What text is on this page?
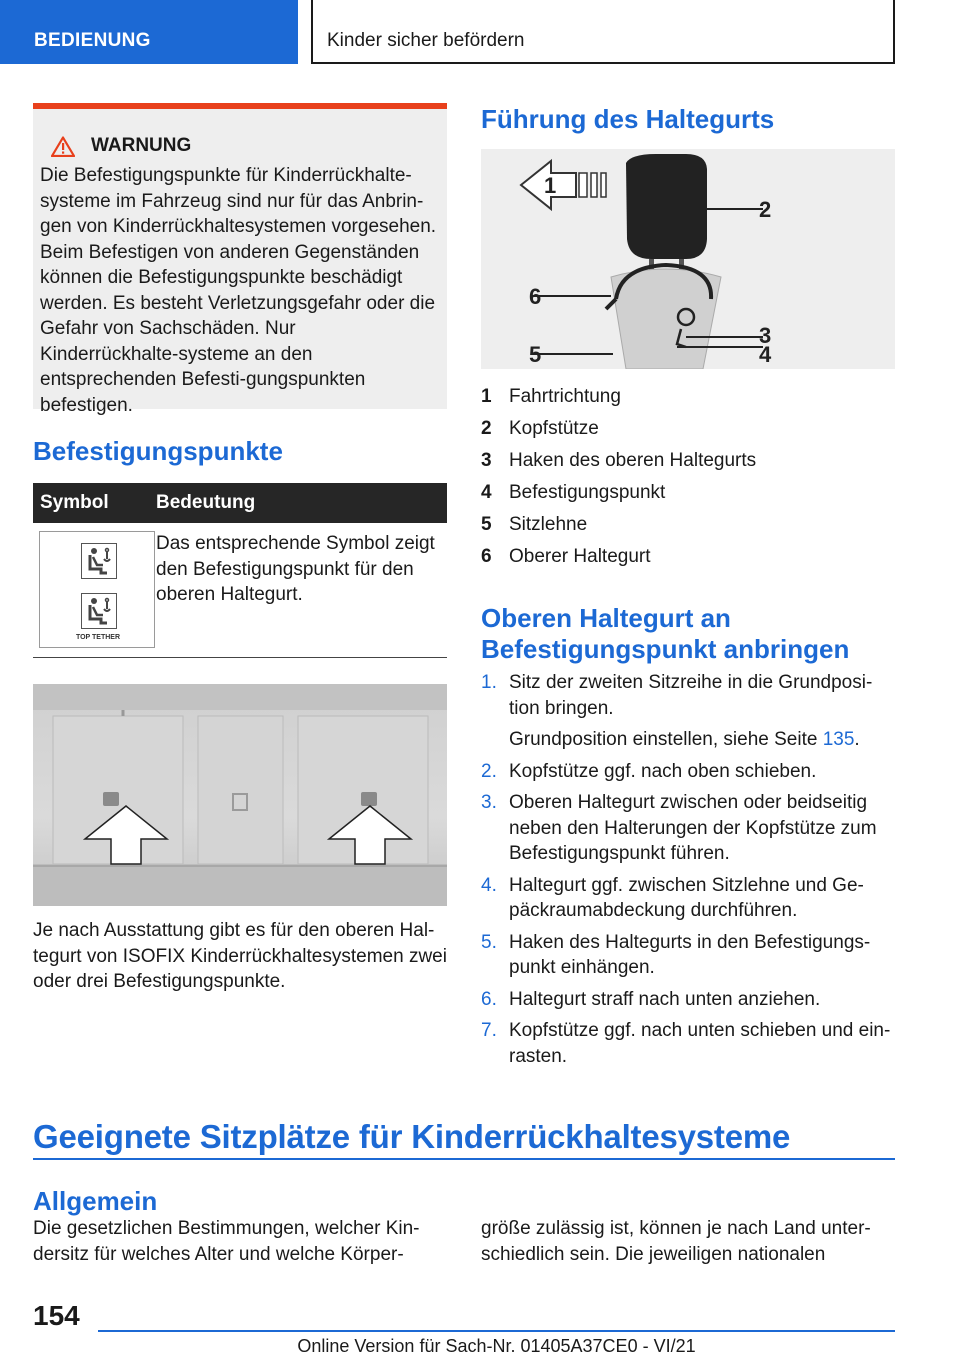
BEDIENUNG	Kinder sicher befördern
WARNUNG

Die Befestigungspunkte für Kinderrückhalte-systeme im Fahrzeug sind nur für das Anbrin-gen von Kinderrückhaltesystemen vorgesehen. Beim Befestigen von anderen Gegenständen können die Befestigungspunkte beschädigt werden. Es besteht Verletzungsgefahr oder die Gefahr von Sachschäden. Nur Kinderrückhalte-systeme an den entsprechenden Befesti-gungspunkten befestigen.

Befestigungspunkte
Symbol	Bedeutung
TOP TETHER
Das entsprechende Symbol zeigt den Befestigungspunkt für den oberen Haltegurt.

Je nach Ausstattung gibt es für den oberen Hal-tegurt von ISOFIX Kinderrückhaltesystemen zwei oder drei Befestigungspunkte.

Führung des Haltegurts
1
2
3
4
5
6
1 Fahrtrichtung
2 Kopfstütze
3 Haken des oberen Haltegurts
4 Befestigungspunkt
5 Sitzlehne
6 Oberer Haltegurt
Oberen Haltegurt an
Befestigungspunkt anbringen
1. Sitz der zweiten Sitzreihe in die Grundposi-tion bringen.
Grundposition einstellen, siehe Seite 135.
2. Kopfstütze ggf. nach oben schieben.
3. Oberen Haltegurt zwischen oder beidseitig neben den Halterungen der Kopfstütze zum Befestigungspunkt führen.
4. Haltegurt ggf. zwischen Sitzlehne und Ge-päckraumabdeckung durchführen.
5. Haken des Haltegurts in den Befestigungs-punkt einhängen.
6. Haltegurt straff nach unten anziehen.
7. Kopfstütze ggf. nach unten schieben und ein-rasten.
Geeignete Sitzplätze für Kinderrückhaltesysteme
Allgemein

Die gesetzlichen Bestimmungen, welcher Kin-dersitz für welches Alter und welche Körper-

größe zulässig ist, können je nach Land unter-schiedlich sein. Die jeweiligen nationalen

154
Online Version für Sach-Nr. 01405A37CE0 - VI/21
